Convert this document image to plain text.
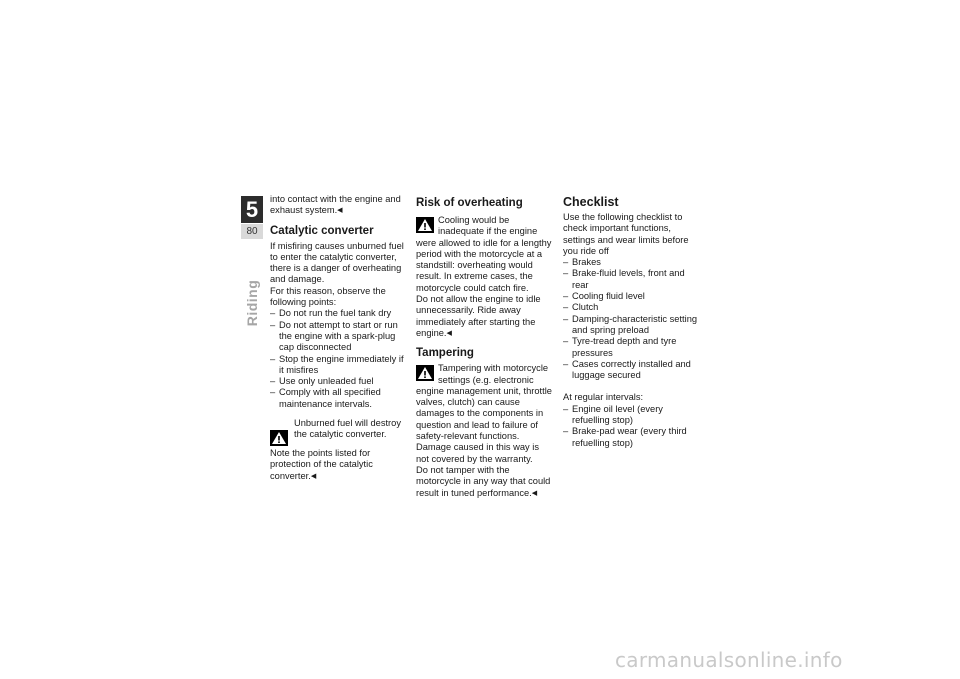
5
80
Riding

into contact with the engine and exhaust system.◀

Catalytic converter

If misfiring causes unburned fuel to enter the catalytic converter, there is a danger of overheating and damage.

For this reason, observe the following points:

– Do not run the fuel tank dry
– Do not attempt to start or run the engine with a spark-plug cap disconnected
– Stop the engine immediately if it misfires
– Use only unleaded fuel
– Comply with all specified maintenance intervals.

Unburned fuel will destroy the catalytic converter.

Note the points listed for protection of the catalytic converter.◀

Risk of overheating

Cooling would be inadequate if the engine were allowed to idle for a lengthy period with the motorcycle at a standstill: overheating would result. In extreme cases, the motorcycle could catch fire.

Do not allow the engine to idle unnecessarily. Ride away immediately after starting the engine.◀

Tampering

Tampering with motorcycle settings (e.g. electronic engine management unit, throttle valves, clutch) can cause damages to the components in question and lead to failure of safety-relevant functions. Damage caused in this way is not covered by the warranty.

Do not tamper with the motorcycle in any way that could result in tuned performance.◀

Checklist

Use the following checklist to check important functions, settings and wear limits before you ride off

– Brakes
– Brake-fluid levels, front and rear
– Cooling fluid level
– Clutch
– Damping-characteristic setting and spring preload
– Tyre-tread depth and tyre pressures
– Cases correctly installed and luggage secured

At regular intervals:

– Engine oil level (every refuelling stop)
– Brake-pad wear (every third refuelling stop)
carmanualsonline.info
